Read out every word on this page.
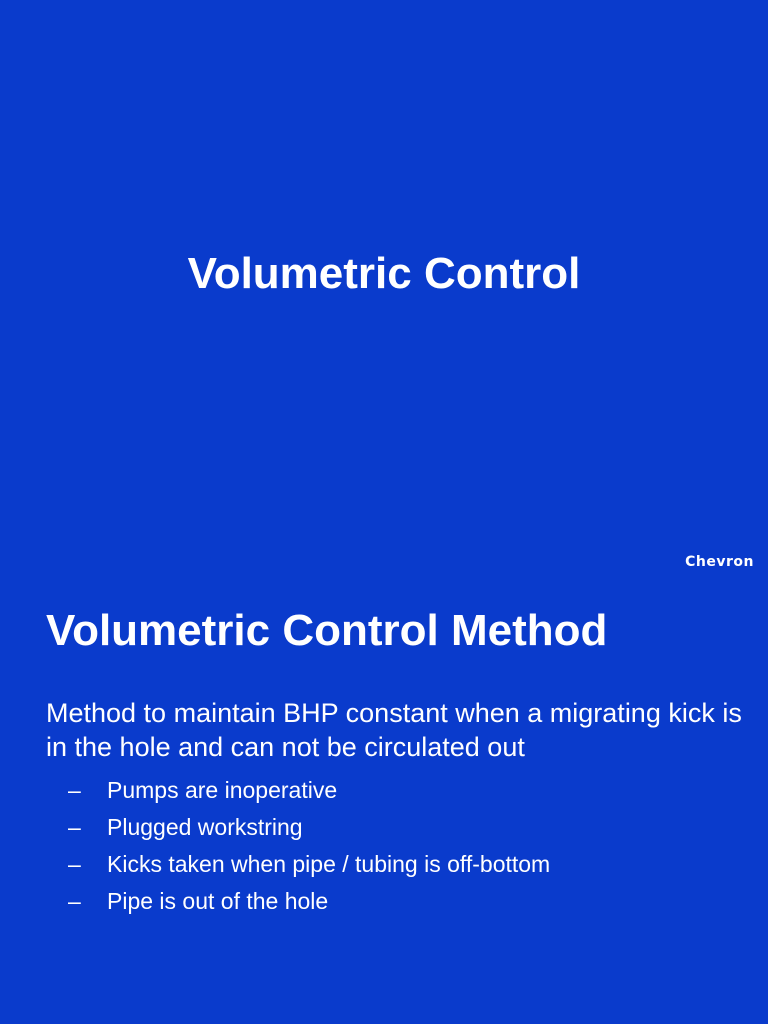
Volumetric Control

Chevron

Volumetric Control Method

Method to maintain BHP constant when a migrating kick is in the hole and can not be circulated out

–	Pumps are inoperative
–	Plugged workstring
–	Kicks taken when pipe / tubing is off-bottom
–	Pipe is out of the hole
